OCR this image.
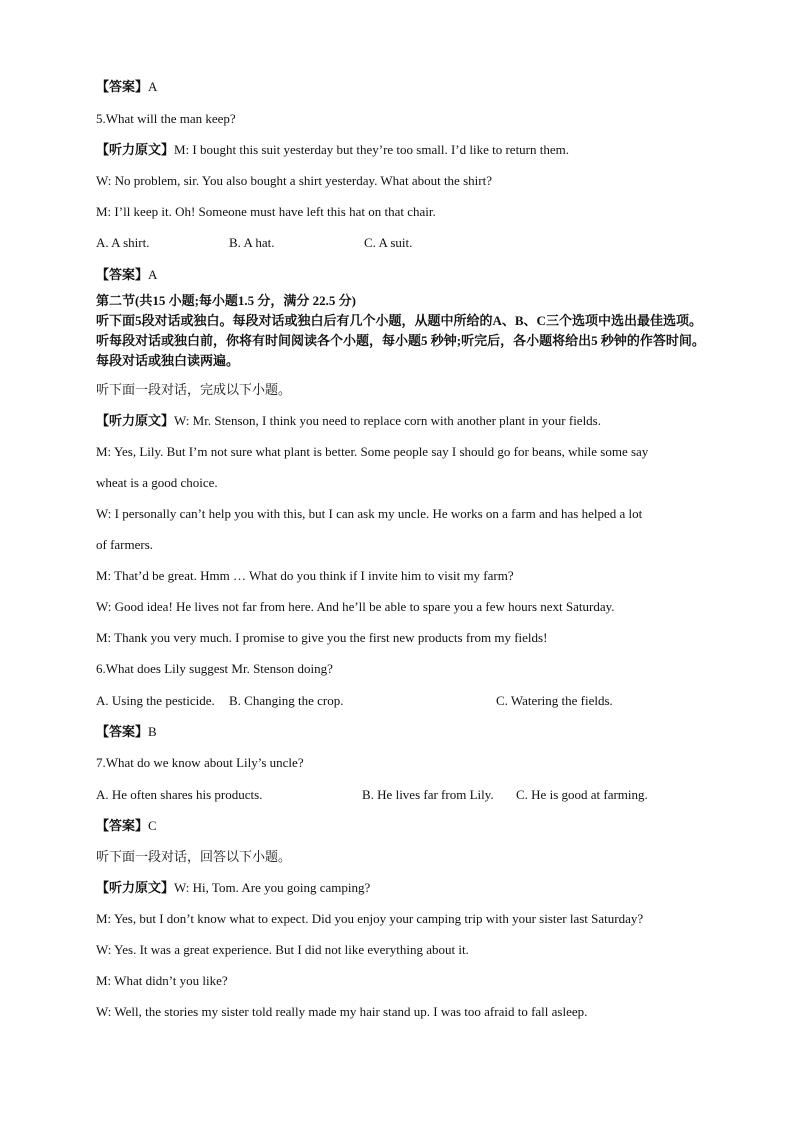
【答案】A
5.What will the man keep?
【听力原文】M: I bought this suit yesterday but they’re too small. I’d like to return them.
W: No problem, sir. You also bought a shirt yesterday. What about the shirt?
M: I’ll keep it. Oh! Someone must have left this hat on that chair.
A. A shirt.	B. A hat.	C. A suit.
【答案】A
第二节(共15 小题;每小题1.5 分，满分 22.5 分)
听下面5段对话或独白。每段对话或独白后有几个小题，从题中所给的A、B、C三个选项中选出最佳选项。听每段对话或独白前，你将有时间阅读各个小题，每小题5 秒钟;听完后，各小题将给出5 秒钟的作答时间。每段对话或独白读两遍。
听下面一段对话，完成以下小题。
【听力原文】W: Mr. Stenson, I think you need to replace corn with another plant in your fields.
M: Yes, Lily. But I’m not sure what plant is better. Some people say I should go for beans, while some say
wheat is a good choice.
W: I personally can’t help you with this, but I can ask my uncle. He works on a farm and has helped a lot
of farmers.
M: That’d be great. Hmm … What do you think if I invite him to visit my farm?
W: Good idea! He lives not far from here. And he’ll be able to spare you a few hours next Saturday.
M: Thank you very much. I promise to give you the first new products from my fields!
6.What does Lily suggest Mr. Stenson doing?
A. Using the pesticide. B. Changing the crop.	C. Watering the fields.
【答案】B
7.What do we know about Lily’s uncle?
A. He often shares his products.	B. He lives far from Lily. C. He is good at farming.
【答案】C
听下面一段对话，回答以下小题。
【听力原文】W: Hi, Tom. Are you going camping?
M: Yes, but I don’t know what to expect. Did you enjoy your camping trip with your sister last Saturday?
W: Yes. It was a great experience. But I did not like everything about it.
M: What didn’t you like?
W: Well, the stories my sister told really made my hair stand up. I was too afraid to fall asleep.
